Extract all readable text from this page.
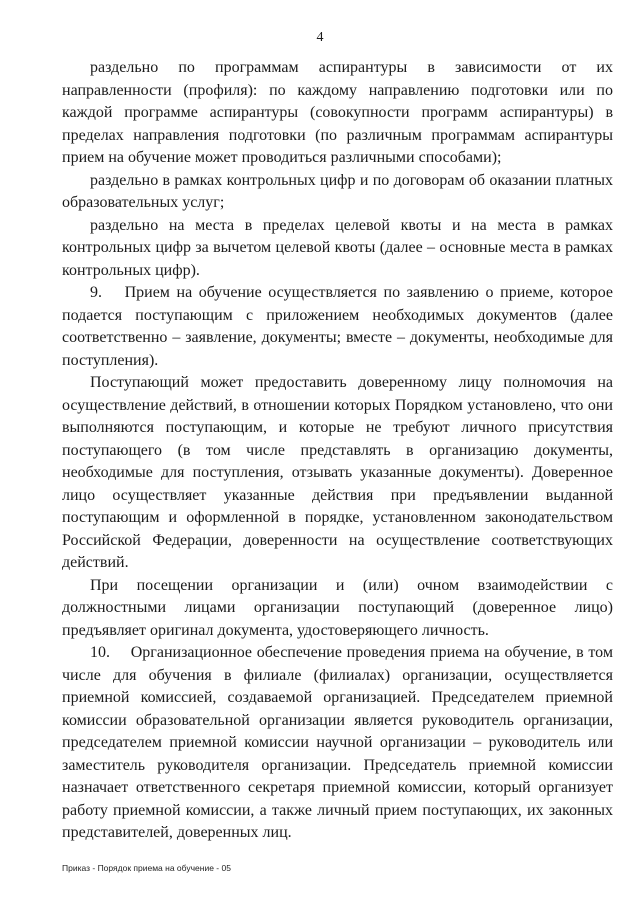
4

раздельно по программам аспирантуры в зависимости от их направленности (профиля): по каждому направлению подготовки или по каждой программе аспирантуры (совокупности программ аспирантуры) в пределах направления подготовки (по различным программам аспирантуры прием на обучение может проводиться различными способами);

раздельно в рамках контрольных цифр и по договорам об оказании платных образовательных услуг;

раздельно на места в пределах целевой квоты и на места в рамках контрольных цифр за вычетом целевой квоты (далее – основные места в рамках контрольных цифр).

9.  Прием на обучение осуществляется по заявлению о приеме, которое подается поступающим с приложением необходимых документов (далее соответственно – заявление, документы; вместе – документы, необходимые для поступления).

Поступающий может предоставить доверенному лицу полномочия на осуществление действий, в отношении которых Порядком установлено, что они выполняются поступающим, и которые не требуют личного присутствия поступающего (в том числе представлять в организацию документы, необходимые для поступления, отзывать указанные документы). Доверенное лицо осуществляет указанные действия при предъявлении выданной поступающим и оформленной в порядке, установленном законодательством Российской Федерации, доверенности на осуществление соответствующих действий.

При посещении организации и (или) очном взаимодействии с должностными лицами организации поступающий (доверенное лицо) предъявляет оригинал документа, удостоверяющего личность.

10.  Организационное обеспечение проведения приема на обучение, в том числе для обучения в филиале (филиалах) организации, осуществляется приемной комиссией, создаваемой организацией. Председателем приемной комиссии образовательной организации является руководитель организации, председателем приемной комиссии научной организации – руководитель или заместитель руководителя организации. Председатель приемной комиссии назначает ответственного секретаря приемной комиссии, который организует работу приемной комиссии, а также личный прием поступающих, их законных представителей, доверенных лиц.

Приказ - Порядок приема на обучение - 05
